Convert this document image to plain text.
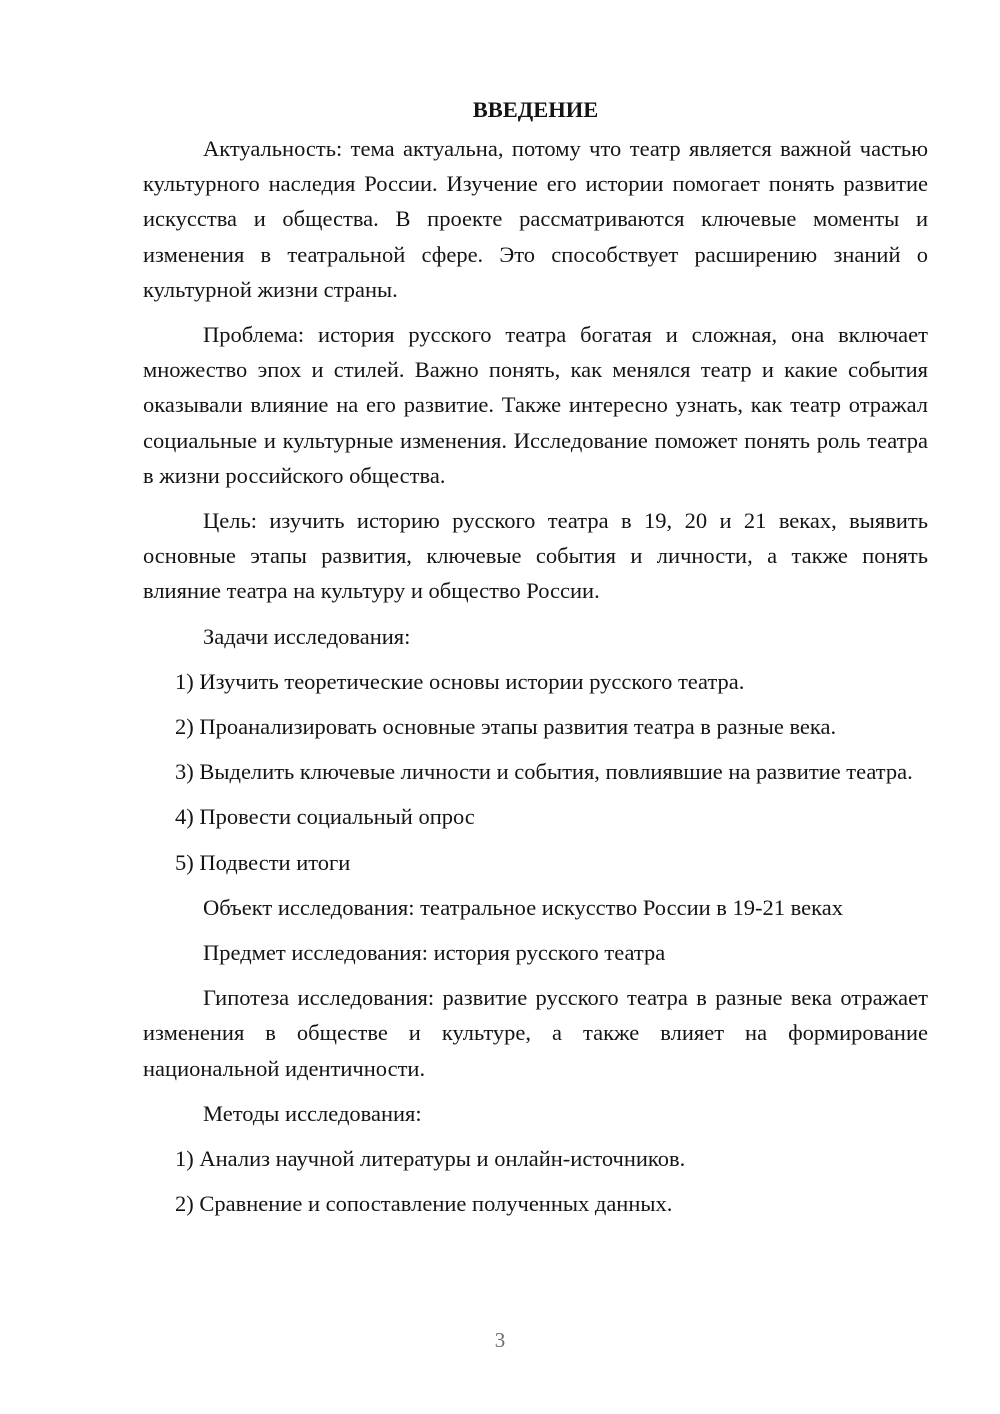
ВВЕДЕНИЕ

Актуальность: тема актуальна, потому что театр является важной частью культурного наследия России. Изучение его истории помогает понять развитие искусства и общества. В проекте рассматриваются ключевые моменты и изменения в театральной сфере. Это способствует расширению знаний о культурной жизни страны.

Проблема: история русского театра богатая и сложная, она включает множество эпох и стилей. Важно понять, как менялся театр и какие события оказывали влияние на его развитие. Также интересно узнать, как театр отражал социальные и культурные изменения. Исследование поможет понять роль театра в жизни российского общества.

Цель: изучить историю русского театра в 19, 20 и 21 веках, выявить основные этапы развития, ключевые события и личности, а также понять влияние театра на культуру и общество России.

Задачи исследования:

1) Изучить теоретические основы истории русского театра.

2) Проанализировать основные этапы развития театра в разные века.

3) Выделить ключевые личности и события, повлиявшие на развитие театра.

4) Провести социальный опрос

5) Подвести итоги

Объект исследования: театральное искусство России в 19-21 веках

Предмет исследования: история русского театра

Гипотеза исследования: развитие русского театра в разные века отражает изменения в обществе и культуре, а также влияет на формирование национальной идентичности.

Методы исследования:

1) Анализ научной литературы и онлайн-источников.

2) Сравнение и сопоставление полученных данных.

3
